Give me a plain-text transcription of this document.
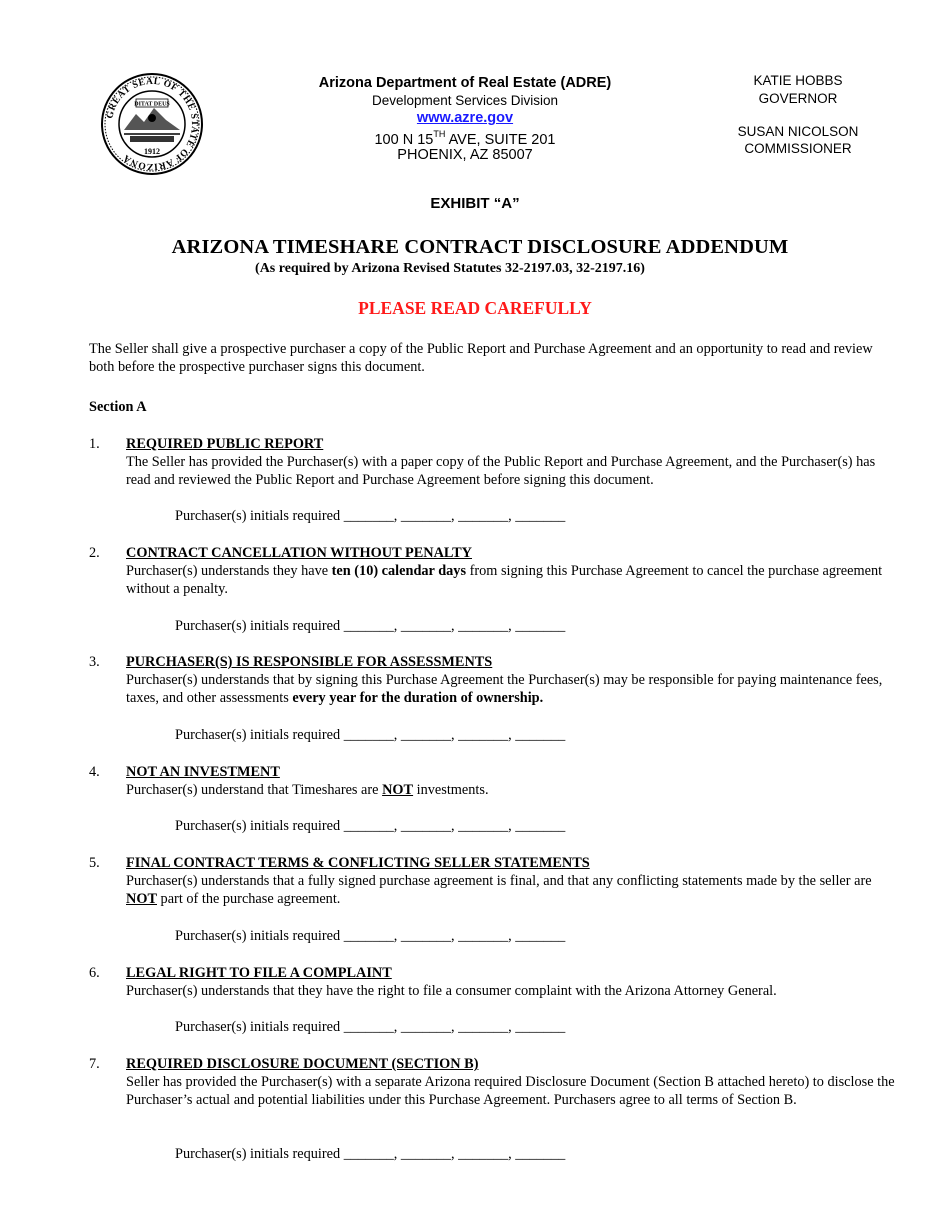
GREAT SEAL OF THE STATE OF ARIZONA
DITAT DEUS
1912
Arizona Department of Real Estate (ADRE)
Development Services Division
www.azre.gov
100 N 15TH AVE, SUITE 201
PHOENIX, AZ 85007
KATIE HOBBS
GOVERNOR
SUSAN NICOLSON
COMMISSIONER
EXHIBIT “A”
ARIZONA TIMESHARE CONTRACT DISCLOSURE ADDENDUM
(As required by Arizona Revised Statutes 32-2197.03, 32-2197.16)
PLEASE READ CAREFULLY
The Seller shall give a prospective purchaser a copy of the Public Report and Purchase Agreement and an opportunity to read and review both before the prospective purchaser signs this document.
Section A
1. REQUIRED PUBLIC REPORT
The Seller has provided the Purchaser(s) with a paper copy of the Public Report and Purchase Agreement, and the Purchaser(s) has read and reviewed the Public Report and Purchase Agreement before signing this document.
Purchaser(s) initials required _______, _______, _______, _______
2. CONTRACT CANCELLATION WITHOUT PENALTY
Purchaser(s) understands they have ten (10) calendar days from signing this Purchase Agreement to cancel the purchase agreement without a penalty.
Purchaser(s) initials required _______, _______, _______, _______
3. PURCHASER(S) IS RESPONSIBLE FOR ASSESSMENTS
Purchaser(s) understands that by signing this Purchase Agreement the Purchaser(s) may be responsible for paying maintenance fees, taxes, and other assessments every year for the duration of ownership.
Purchaser(s) initials required _______, _______, _______, _______
4. NOT AN INVESTMENT
Purchaser(s) understand that Timeshares are NOT investments.
Purchaser(s) initials required _______, _______, _______, _______
5. FINAL CONTRACT TERMS & CONFLICTING SELLER STATEMENTS
Purchaser(s) understands that a fully signed purchase agreement is final, and that any conflicting statements made by the seller are NOT part of the purchase agreement.
Purchaser(s) initials required _______, _______, _______, _______
6. LEGAL RIGHT TO FILE A COMPLAINT
Purchaser(s) understands that they have the right to file a consumer complaint with the Arizona Attorney General.
Purchaser(s) initials required _______, _______, _______, _______
7. REQUIRED DISCLOSURE DOCUMENT (SECTION B)
Seller has provided the Purchaser(s) with a separate Arizona required Disclosure Document (Section B attached hereto) to disclose the Purchaser’s actual and potential liabilities under this Purchase Agreement. Purchasers agree to all terms of Section B.
Purchaser(s) initials required _______, _______, _______, _______
